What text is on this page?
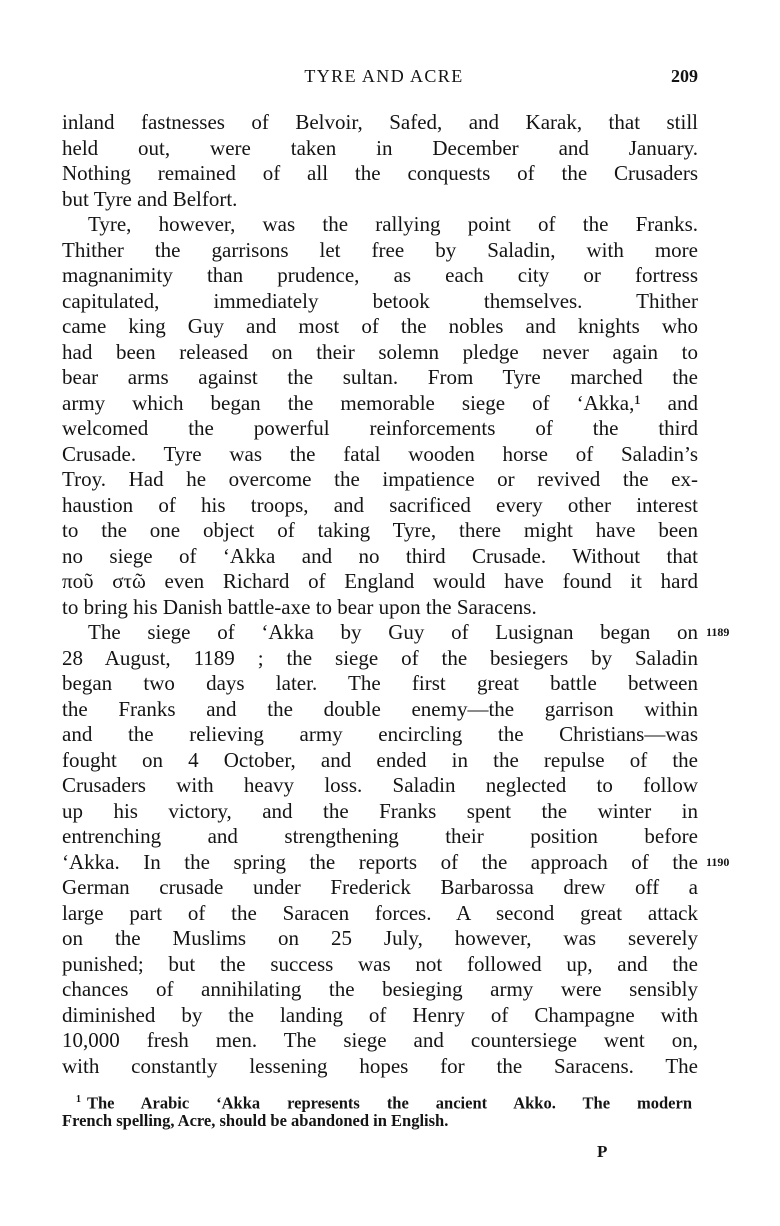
TYRE AND ACRE	209
inland fastnesses of Belvoir, Safed, and Karak, that still
held out, were taken in December and January.
Nothing remained of all the conquests of the Crusaders
but Tyre and Belfort.
Tyre, however, was the rallying point of the Franks.
Thither the garrisons let free by Saladin, with more
magnanimity than prudence, as each city or fortress
capitulated, immediately betook themselves. Thither
came king Guy and most of the nobles and knights who
had been released on their solemn pledge never again to
bear arms against the sultan. From Tyre marched the
army which began the memorable siege of ‘Akka,¹ and
welcomed the powerful reinforcements of the third
Crusade. Tyre was the fatal wooden horse of Saladin’s
Troy. Had he overcome the impatience or revived the ex-
haustion of his troops, and sacrificed every other interest
to the one object of taking Tyre, there might have been
no siege of ‘Akka and no third Crusade. Without that
ποῦ στῶ even Richard of England would have found it hard
to bring his Danish battle-axe to bear upon the Saracens.
The siege of ‘Akka by Guy of Lusignan began on 1189
28 August, 1189 ; the siege of the besiegers by Saladin
began two days later. The first great battle between
the Franks and the double enemy—the garrison within
and the relieving army encircling the Christians—was
fought on 4 October, and ended in the repulse of the
Crusaders with heavy loss. Saladin neglected to follow
up his victory, and the Franks spent the winter in
entrenching and strengthening their position before
‘Akka. In the spring the reports of the approach of the 1190
German crusade under Frederick Barbarossa drew off a
large part of the Saracen forces. A second great attack
on the Muslims on 25 July, however, was severely
punished; but the success was not followed up, and the
chances of annihilating the besieging army were sensibly
diminished by the landing of Henry of Champagne with
10,000 fresh men. The siege and countersiege went on,
with constantly lessening hopes for the Saracens. The
$^1$ The Arabic ‘Akka represents the ancient Akko. The modern
French spelling, Acre, should be abandoned in English.
P
